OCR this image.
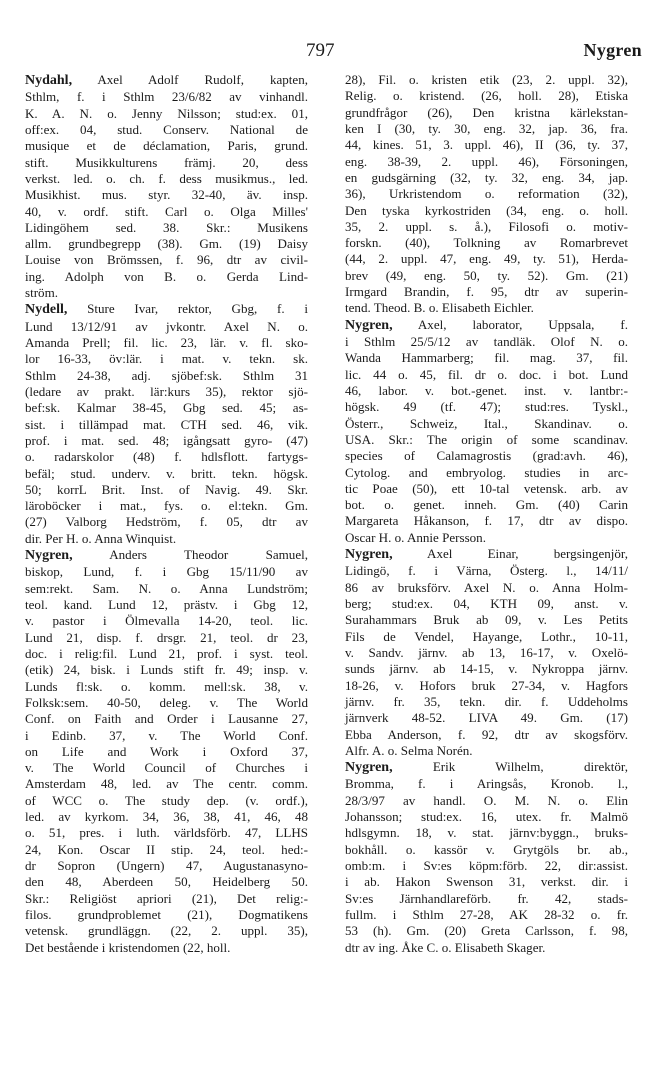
797	Nygren
Nydahl, Axel Adolf Rudolf, kapten,
Sthlm, f. i Sthlm 23/6/82 av vinhandl.
K. A. N. o. Jenny Nilsson; stud:ex. 01,
off:ex. 04, stud. Conserv. National de
musique et de déclamation, Paris, grund.
stift. Musikkulturens främj. 20, dess
verkst. led. o. ch. f. dess musikmus., led.
Musikhist. mus. styr. 32-40, äv. insp.
40, v. ordf. stift. Carl o. Olga Milles'
Lidingöhem sed. 38. Skr.: Musikens
allm. grundbegrepp (38). Gm. (19) Daisy
Louise von Brömssen, f. 96, dtr av civil-
ing. Adolph von B. o. Gerda Lind-
ström.
Nydell, Sture Ivar, rektor, Gbg, f. i
Lund 13/12/91 av jvkontr. Axel N. o.
Amanda Prell; fil. lic. 23, lär. v. fl. sko-
lor 16-33, öv:lär. i mat. v. tekn. sk.
Sthlm 24-38, adj. sjöbef:sk. Sthlm 31
(ledare av prakt. lär:kurs 35), rektor sjö-
bef:sk. Kalmar 38-45, Gbg sed. 45; as-
sist. i tillämpad mat. CTH sed. 46, vik.
prof. i mat. sed. 48; igångsatt gyro- (47)
o. radarskolor (48) f. hdlsflott. fartygs-
befäl; stud. underv. v. britt. tekn. högsk.
50; korrL Brit. Inst. of Navig. 49. Skr.
läroböcker i mat., fys. o. el:tekn. Gm.
(27) Valborg Hedström, f. 05, dtr av
dir. Per H. o. Anna Winquist.
Nygren, Anders Theodor Samuel,
biskop, Lund, f. i Gbg 15/11/90 av
sem:rekt. Sam. N. o. Anna Lundström;
teol. kand. Lund 12, prästv. i Gbg 12,
v. pastor i Ölmevalla 14-20, teol. lic.
Lund 21, disp. f. drsgr. 21, teol. dr 23,
doc. i relig:fil. Lund 21, prof. i syst. teol.
(etik) 24, bisk. i Lunds stift fr. 49; insp. v.
Lunds fl:sk. o. komm. mell:sk. 38, v.
Folksk:sem. 40-50, deleg. v. The World
Conf. on Faith and Order i Lausanne 27,
i Edinb. 37, v. The World Conf.
on Life and Work i Oxford 37,
v. The World Council of Churches i
Amsterdam 48, led. av The centr. comm.
of WCC o. The study dep. (v. ordf.),
led. av kyrkom. 34, 36, 38, 41, 46, 48
o. 51, pres. i luth. världsförb. 47, LLHS
24, Kon. Oscar II stip. 24, teol. hed:-
dr Sopron (Ungern) 47, Augustanasyno-
den 48, Aberdeen 50, Heidelberg 50.
Skr.: Religiöst apriori (21), Det relig:-
filos. grundproblemet (21), Dogmatikens
vetensk. grundläggn. (22, 2. uppl. 35),
Det bestående i kristendomen (22, holl.
28), Fil. o. kristen etik (23, 2. uppl. 32),
Relig. o. kristend. (26, holl. 28), Etiska
grundfrågor (26), Den kristna kärlekstan-
ken I (30, ty. 30, eng. 32, jap. 36, fra.
44, kines. 51, 3. uppl. 46), II (36, ty. 37,
eng. 38-39, 2. uppl. 46), Försoningen,
en gudsgärning (32, ty. 32, eng. 34, jap.
36), Urkristendom o. reformation (32),
Den tyska kyrkostriden (34, eng. o. holl.
35, 2. uppl. s. å.), Filosofi o. motiv-
forskn. (40), Tolkning av Romarbrevet
(44, 2. uppl. 47, eng. 49, ty. 51), Herda-
brev (49, eng. 50, ty. 52). Gm. (21)
Irmgard Brandin, f. 95, dtr av superin-
tend. Theod. B. o. Elisabeth Eichler.
Nygren, Axel, laborator, Uppsala, f.
i Sthlm 25/5/12 av tandläk. Olof N. o.
Wanda Hammarberg; fil. mag. 37, fil.
lic. 44 o. 45, fil. dr o. doc. i bot. Lund
46, labor. v. bot.-genet. inst. v. lantbr:-
högsk. 49 (tf. 47); stud:res. Tyskl.,
Österr., Schweiz, Ital., Skandinav. o.
USA. Skr.: The origin of some scandinav.
species of Calamagrostis (grad:avh. 46),
Cytolog. and embryolog. studies in arc-
tic Poae (50), ett 10-tal vetensk. arb. av
bot. o. genet. inneh. Gm. (40) Carin
Margareta Håkanson, f. 17, dtr av dispo.
Oscar H. o. Annie Persson.
Nygren, Axel Einar, bergsingenjör,
Lidingö, f. i Värna, Österg. l., 14/11/
86 av bruksförv. Axel N. o. Anna Holm-
berg; stud:ex. 04, KTH 09, anst. v.
Surahammars Bruk ab 09, v. Les Petits
Fils de Vendel, Hayange, Lothr., 10-11,
v. Sandv. järnv. ab 13, 16-17, v. Oxelö-
sunds järnv. ab 14-15, v. Nykroppa järnv.
18-26, v. Hofors bruk 27-34, v. Hagfors
järnv. fr. 35, tekn. dir. f. Uddeholms
järnverk 48-52. LIVA 49. Gm. (17)
Ebba Anderson, f. 92, dtr av skogsförv.
Alfr. A. o. Selma Norén.
Nygren, Erik Wilhelm, direktör,
Bromma, f. i Aringsås, Kronob. l.,
28/3/97 av handl. O. M. N. o. Elin
Johansson; stud:ex. 16, utex. fr. Malmö
hdlsgymn. 18, v. stat. järnv:byggn., bruks-
bokhåll. o. kassör v. Grytgöls br. ab.,
omb:m. i Sv:es köpm:förb. 22, dir:assist.
i ab. Hakon Swenson 31, verkst. dir. i
Sv:es Järnhandlareförb. fr. 42, stads-
fullm. i Sthlm 27-28, AK 28-32 o. fr.
53 (h). Gm. (20) Greta Carlsson, f. 98,
dtr av ing. Åke C. o. Elisabeth Skager.
